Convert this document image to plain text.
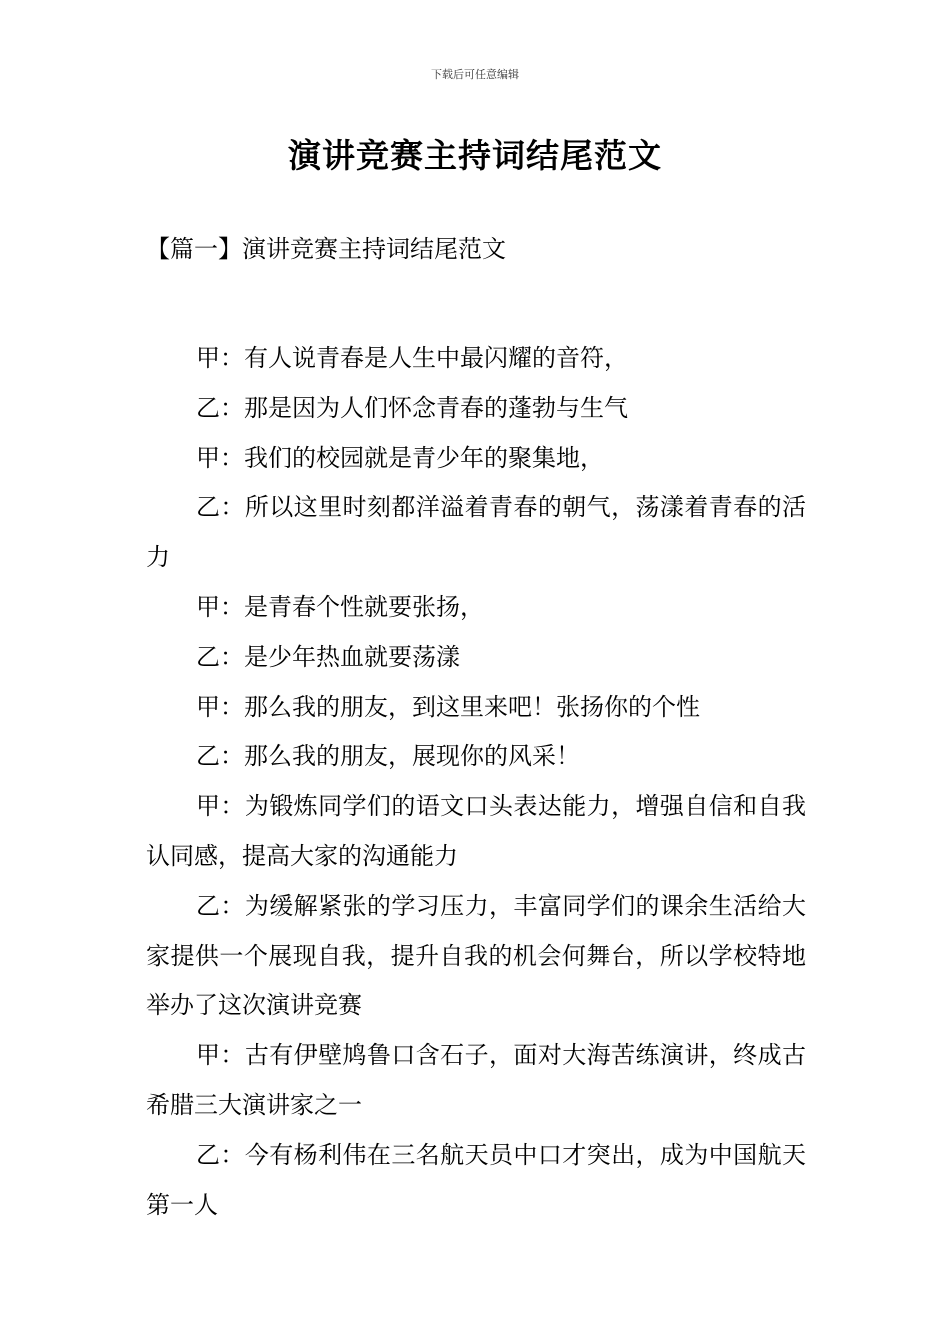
下载后可任意编辑
演讲竞赛主持词结尾范文
【篇一】演讲竞赛主持词结尾范文

甲：有人说青春是人生中最闪耀的音符，

乙：那是因为人们怀念青春的蓬勃与生气

甲：我们的校园就是青少年的聚集地，

乙：所以这里时刻都洋溢着青春的朝气，荡漾着青春的活力

甲：是青春个性就要张扬，

乙：是少年热血就要荡漾

甲：那么我的朋友，到这里来吧！张扬你的个性

乙：那么我的朋友，展现你的风采！

甲：为锻炼同学们的语文口头表达能力，增强自信和自我认同感，提高大家的沟通能力

乙：为缓解紧张的学习压力，丰富同学们的课余生活给大家提供一个展现自我，提升自我的机会何舞台，所以学校特地举办了这次演讲竞赛

甲：古有伊壁鸠鲁口含石子，面对大海苦练演讲，终成古希腊三大演讲家之一

乙：今有杨利伟在三名航天员中口才突出，成为中国航天第一人
